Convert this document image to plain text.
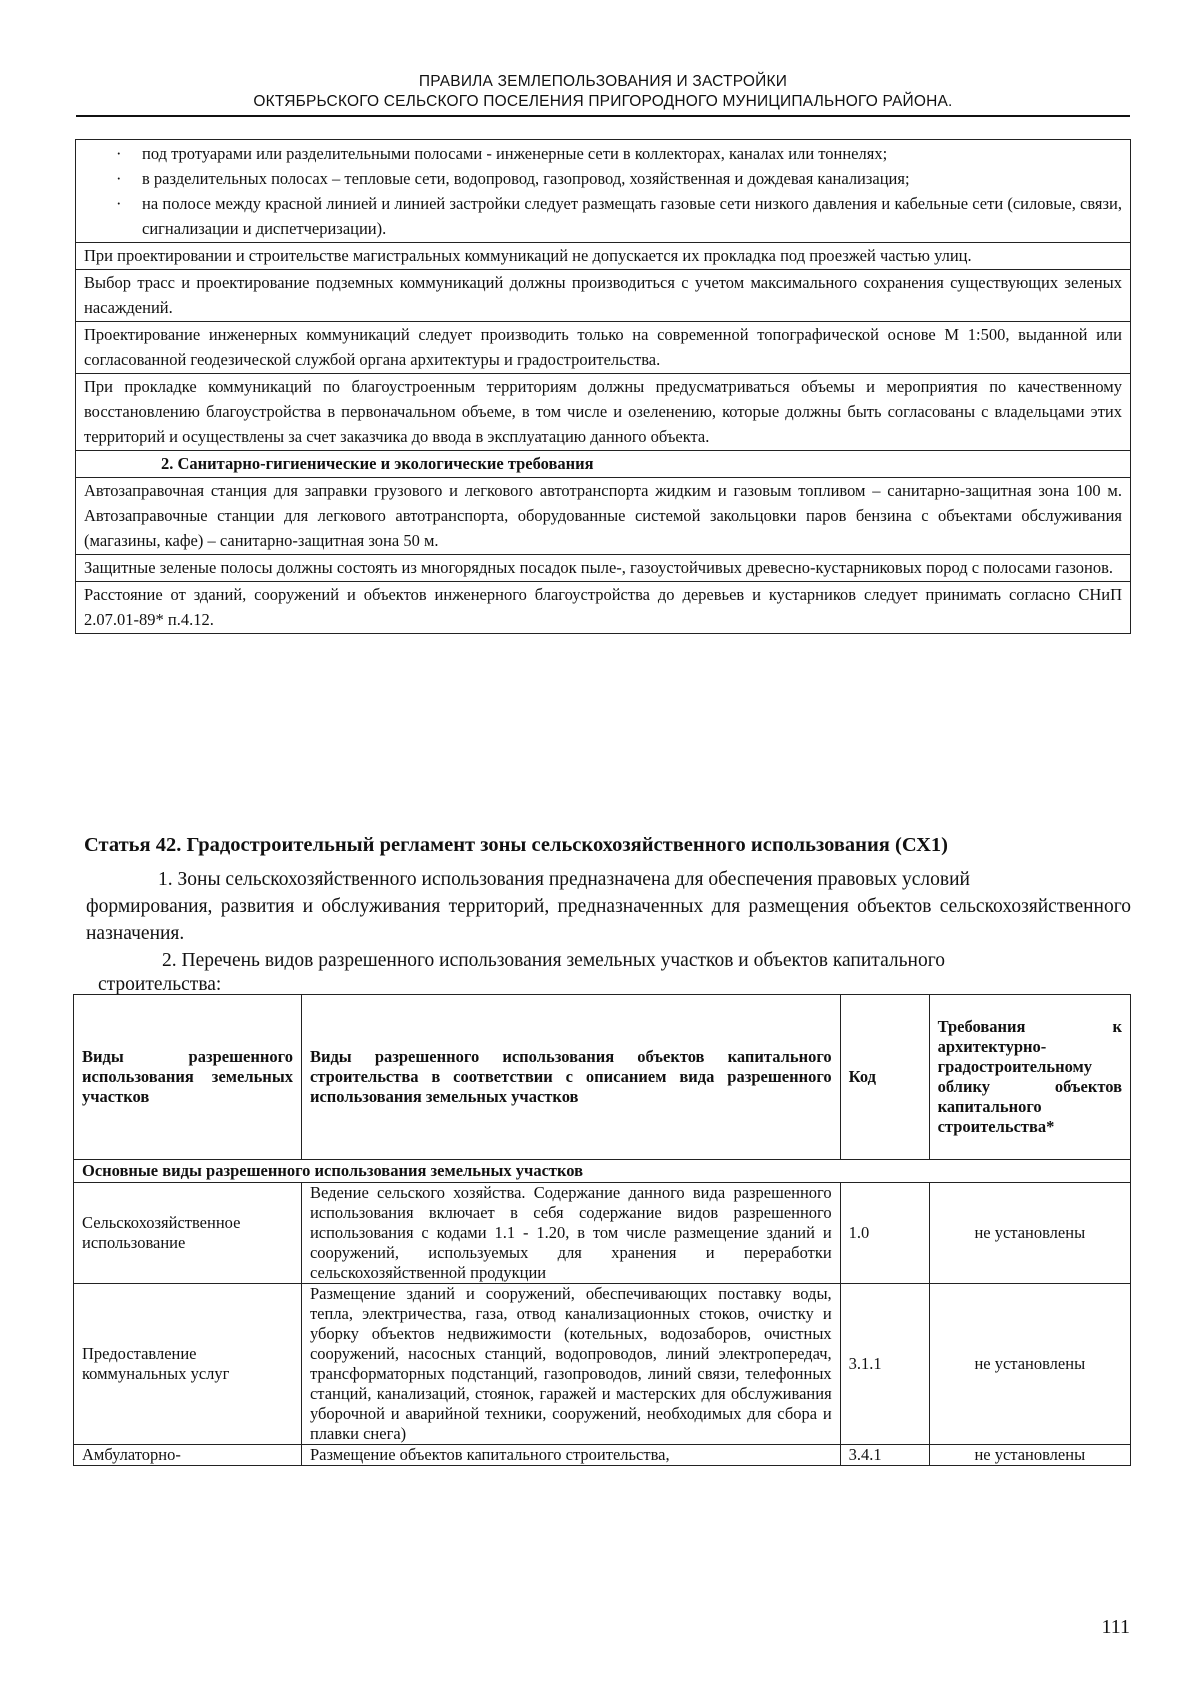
ПРАВИЛА ЗЕМЛЕПОЛЬЗОВАНИЯ И ЗАСТРОЙКИ
ОКТЯБРЬСКОГО СЕЛЬСКОГО ПОСЕЛЕНИЯ ПРИГОРОДНОГО МУНИЦИПАЛЬНОГО РАЙОНА.
· под тротуарами или разделительными полосами - инженерные сети в коллекторах, каналах или тоннелях;
· в разделительных полосах – тепловые сети, водопровод, газопровод, хозяйственная и дождевая канализация;
· на полосе между красной линией и линией застройки следует размещать газовые сети низкого давления и кабельные сети (силовые, связи, сигнализации и диспетчеризации).

При проектировании и строительстве магистральных коммуникаций не допускается их прокладка под проезжей частью улиц.
Выбор трасс и проектирование подземных коммуникаций должны производиться с учетом максимального сохранения существующих зеленых насаждений.
Проектирование инженерных коммуникаций следует производить только на современной топографической основе М 1:500, выданной или согласованной геодезической службой органа архитектуры и градостроительства.
При прокладке коммуникаций по благоустроенным территориям должны предусматриваться объемы и мероприятия по качественному восстановлению благоустройства в первоначальном объеме, в том числе и озеленению, которые должны быть согласованы с владельцами этих территорий и осуществлены за счет заказчика до ввода в эксплуатацию данного объекта.
2. Санитарно-гигиенические и экологические требования
Автозаправочная станция для заправки грузового и легкового автотранспорта жидким и газовым топливом – санитарно-защитная зона 100 м. Автозаправочные станции для легкового автотранспорта, оборудованные системой закольцовки паров бензина с объектами обслуживания (магазины, кафе) – санитарно-защитная зона 50 м.
Защитные зеленые полосы должны состоять из многорядных посадок пыле-, газоустойчивых древесно-кустарниковых пород с полосами газонов.
Расстояние от зданий, сооружений и объектов инженерного благоустройства до деревьев и кустарников следует принимать согласно СНиП 2.07.01-89* п.4.12.
Статья 42. Градостроительный регламент зоны сельскохозяйственного использования (СХ1)
1. Зоны сельскохозяйственного использования предназначена для обеспечения правовых условий
формирования, развития и обслуживания территорий, предназначенных для размещения объектов сельскохозяйственного назначения.
2. Перечень видов разрешенного использования земельных участков и объектов капитального
строительства:
Виды разрешенного использования земельных участков	Виды разрешенного использования объектов капитального строительства в соответствии с описанием вида разрешенного использования земельных участков	Код	Требования к архитектурно-градостроительному облику объектов капитального строительства*
Основные виды разрешенного использования земельных участков			
Сельскохозяйственное использование	Ведение сельского хозяйства. Содержание данного вида разрешенного использования включает в себя содержание видов разрешенного использования с кодами 1.1 - 1.20, в том числе размещение зданий и сооружений, используемых для хранения и переработки сельскохозяйственной продукции	1.0	не установлены
Предоставление коммунальных услуг	Размещение зданий и сооружений, обеспечивающих поставку воды, тепла, электричества, газа, отвод канализационных стоков, очистку и уборку объектов недвижимости (котельных, водозаборов, очистных сооружений, насосных станций, водопроводов, линий электропередач, трансформаторных подстанций, газопроводов, линий связи, телефонных станций, канализаций, стоянок, гаражей и мастерских для обслуживания уборочной и аварийной техники, сооружений, необходимых для сбора и плавки снега)	3.1.1	не установлены
Амбулаторно-	Размещение объектов капитального строительства,	3.4.1	не установлены
111
